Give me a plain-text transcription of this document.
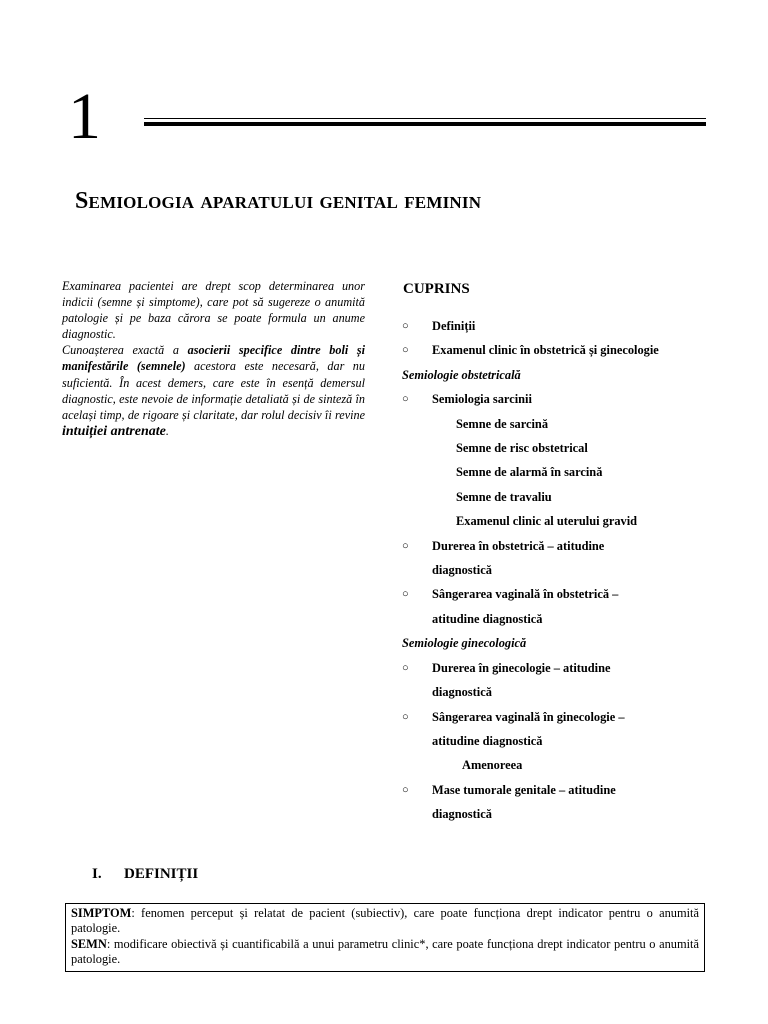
1
Semiologia aparatului genital feminin

Examinarea pacientei are drept scop determinarea unor indicii (semne și simptome), care pot să sugereze o anumită patologie și pe baza cărora se poate formula un anume diagnostic.

Cunoașterea exactă a asocierii specifice dintre boli și manifestările (semnele) acestora este necesară, dar nu suficientă. În acest demers, care este în esență demersul diagnostic, este nevoie de informație detaliată și de sinteză în același timp, de rigoare și claritate, dar rolul decisiv îi revine intuiției antrenate.

CUPRINS
○ Definiții
○ Examenul clinic în obstetrică și ginecologie
Semiologie obstetricală
○ Semiologia sarcinii
Semne de sarcină
Semne de risc obstetrical
Semne de alarmă în sarcină
Semne de travaliu
Examenul clinic al uterului gravid
○ Durerea în obstetrică – atitudine
diagnostică
○ Sângerarea vaginală în obstetrică –
atitudine diagnostică
Semiologie ginecologică
○ Durerea în ginecologie – atitudine
diagnostică
○ Sângerarea vaginală în ginecologie –
atitudine diagnostică
Amenoreea
○ Mase tumorale genitale – atitudine
diagnostică
I. DEFINIȚII

SIMPTOM: fenomen perceput și relatat de pacient (subiectiv), care poate funcționa drept indicator pentru o anumită patologie.

SEMN: modificare obiectivă și cuantificabilă a unui parametru clinic*, care poate funcționa drept indicator pentru o anumită patologie.
